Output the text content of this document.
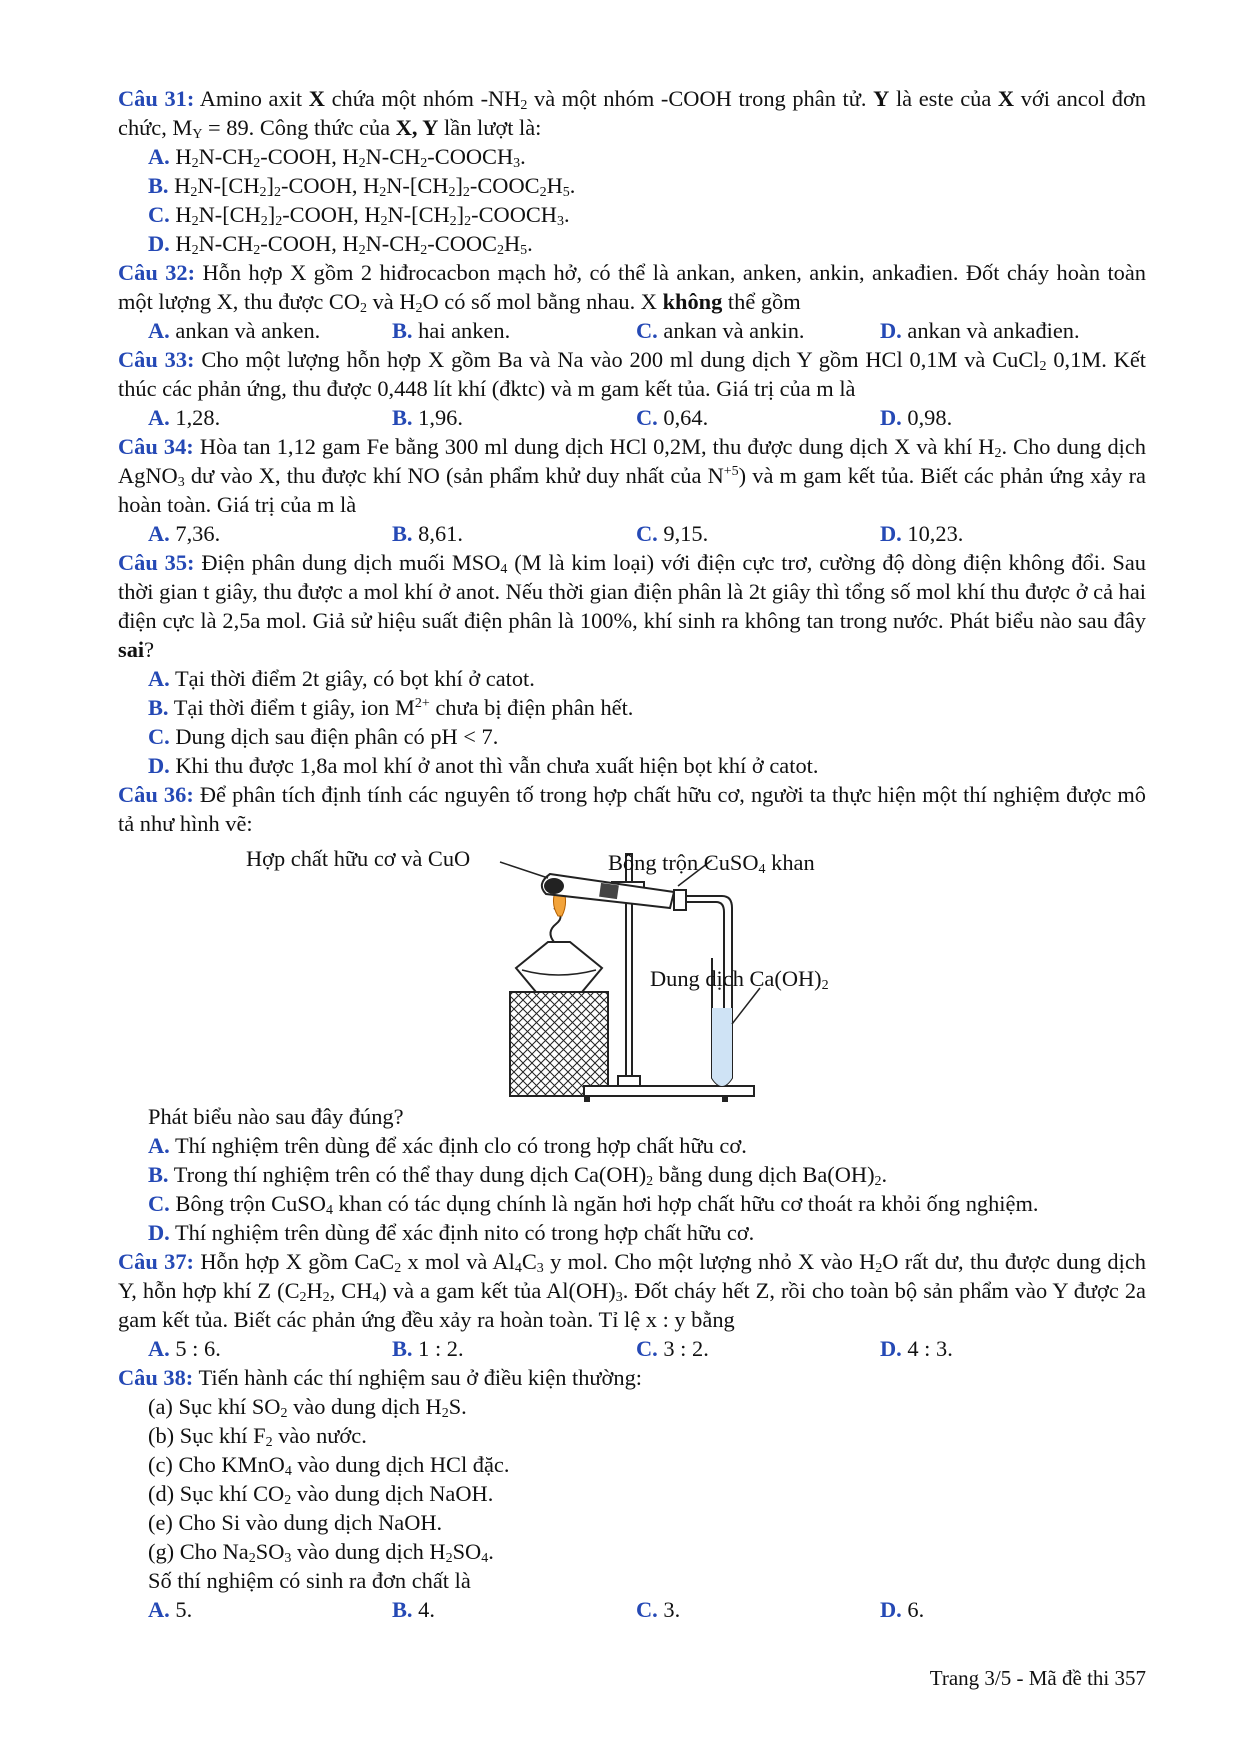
Câu 31: Amino axit X chứa một nhóm $-NH_2$ và một nhóm -COOH trong phân tử. Y là este của X với ancol đơn chức, $M_Y = 89$. Công thức của X, Y lần lượt là:
A. $H_2N-CH_2$-COOH, $H_2N-CH_2-COOCH_3$.
B. $H_2N-[CH_2]_2$-COOH, $H_2N-[CH_2]_2-COOC_2H_5$.
C. $H_2N-[CH_2]_2$-COOH, $H_2N-[CH_2]_2-COOCH_3$.
D. $H_2N-CH_2$-COOH, $H_2N-CH_2-COOC_2H_5$.
Câu 32: Hỗn hợp X gồm 2 hiđrocacbon mạch hở, có thể là ankan, anken, ankin, ankađien. Đốt cháy hoàn toàn một lượng X, thu được $CO_2$ và $H_2O$ có số mol bằng nhau. X không thể gồm
A. ankan và anken.	B. hai anken.	C. ankan và ankin.	D. ankan và ankađien.
Câu 33: Cho một lượng hỗn hợp X gồm Ba và Na vào 200 ml dung dịch Y gồm HCl 0,1M và CuCl$_2$ 0,1M. Kết thúc các phản ứng, thu được 0,448 lít khí (đktc) và m gam kết tủa. Giá trị của m là
A. 1,28.	B. 1,96.	C. 0,64.	D. 0,98.
Câu 34: Hòa tan 1,12 gam Fe bằng 300 ml dung dịch HCl 0,2M, thu được dung dịch X và khí $H_2$. Cho dung dịch AgNO$_3$ dư vào X, thu được khí NO (sản phẩm khử duy nhất của $N^{+5}$) và m gam kết tủa. Biết các phản ứng xảy ra hoàn toàn. Giá trị của m là
A. 7,36.	B. 8,61.	C. 9,15.	D. 10,23.
Câu 35: Điện phân dung dịch muối $MSO_4$ (M là kim loại) với điện cực trơ, cường độ dòng điện không đổi. Sau thời gian t giây, thu được a mol khí ở anot. Nếu thời gian điện phân là 2t giây thì tổng số mol khí thu được ở cả hai điện cực là 2,5a mol. Giả sử hiệu suất điện phân là 100%, khí sinh ra không tan trong nước. Phát biểu nào sau đây sai?
A. Tại thời điểm 2t giây, có bọt khí ở catot.
B. Tại thời điểm t giây, ion $M^{2+}$ chưa bị điện phân hết.
C. Dung dịch sau điện phân có pH < 7.
D. Khi thu được 1,8a mol khí ở anot thì vẫn chưa xuất hiện bọt khí ở catot.
Câu 36: Để phân tích định tính các nguyên tố trong hợp chất hữu cơ, người ta thực hiện một thí nghiệm được mô tả như hình vẽ:
Hợp chất hữu cơ và CuO	Bông trộn CuSO$_4$ khan
Dung dịch $Ca(OH)_2$
Phát biểu nào sau đây đúng?
A. Thí nghiệm trên dùng để xác định clo có trong hợp chất hữu cơ.
B. Trong thí nghiệm trên có thể thay dung dịch $Ca(OH)_2$ bằng dung dịch $Ba(OH)_2$.
C. Bông trộn CuSO$_4$ khan có tác dụng chính là ngăn hơi hợp chất hữu cơ thoát ra khỏi ống nghiệm.
D. Thí nghiệm trên dùng để xác định nito có trong hợp chất hữu cơ.
Câu 37: Hỗn hợp X gồm CaC$_2$ x mol và $Al_4C_3$ y mol. Cho một lượng nhỏ X vào $H_2O$ rất dư, thu được dung dịch Y, hỗn hợp khí Z ($C_2H_2$, $CH_4$) và a gam kết tủa $Al(OH)_3$. Đốt cháy hết Z, rồi cho toàn bộ sản phẩm vào Y được 2a gam kết tủa. Biết các phản ứng đều xảy ra hoàn toàn. Tỉ lệ x : y bằng
A. 5 : 6.	B. 1 : 2.	C. 3 : 2.	D. 4 : 3.
Câu 38: Tiến hành các thí nghiệm sau ở điều kiện thường:
(a) Sục khí $SO_2$ vào dung dịch $H_2S$.
(b) Sục khí $F_2$ vào nước.
(c) Cho KMnO$_4$ vào dung dịch HCl đặc.
(d) Sục khí $CO_2$ vào dung dịch NaOH.
(e) Cho Si vào dung dịch NaOH.
(g) Cho $Na_2SO_3$ vào dung dịch $H_2SO_4$.
Số thí nghiệm có sinh ra đơn chất là
A. 5.	B. 4.	C. 3.	D. 6.
Trang 3/5 - Mã đề thi 357
